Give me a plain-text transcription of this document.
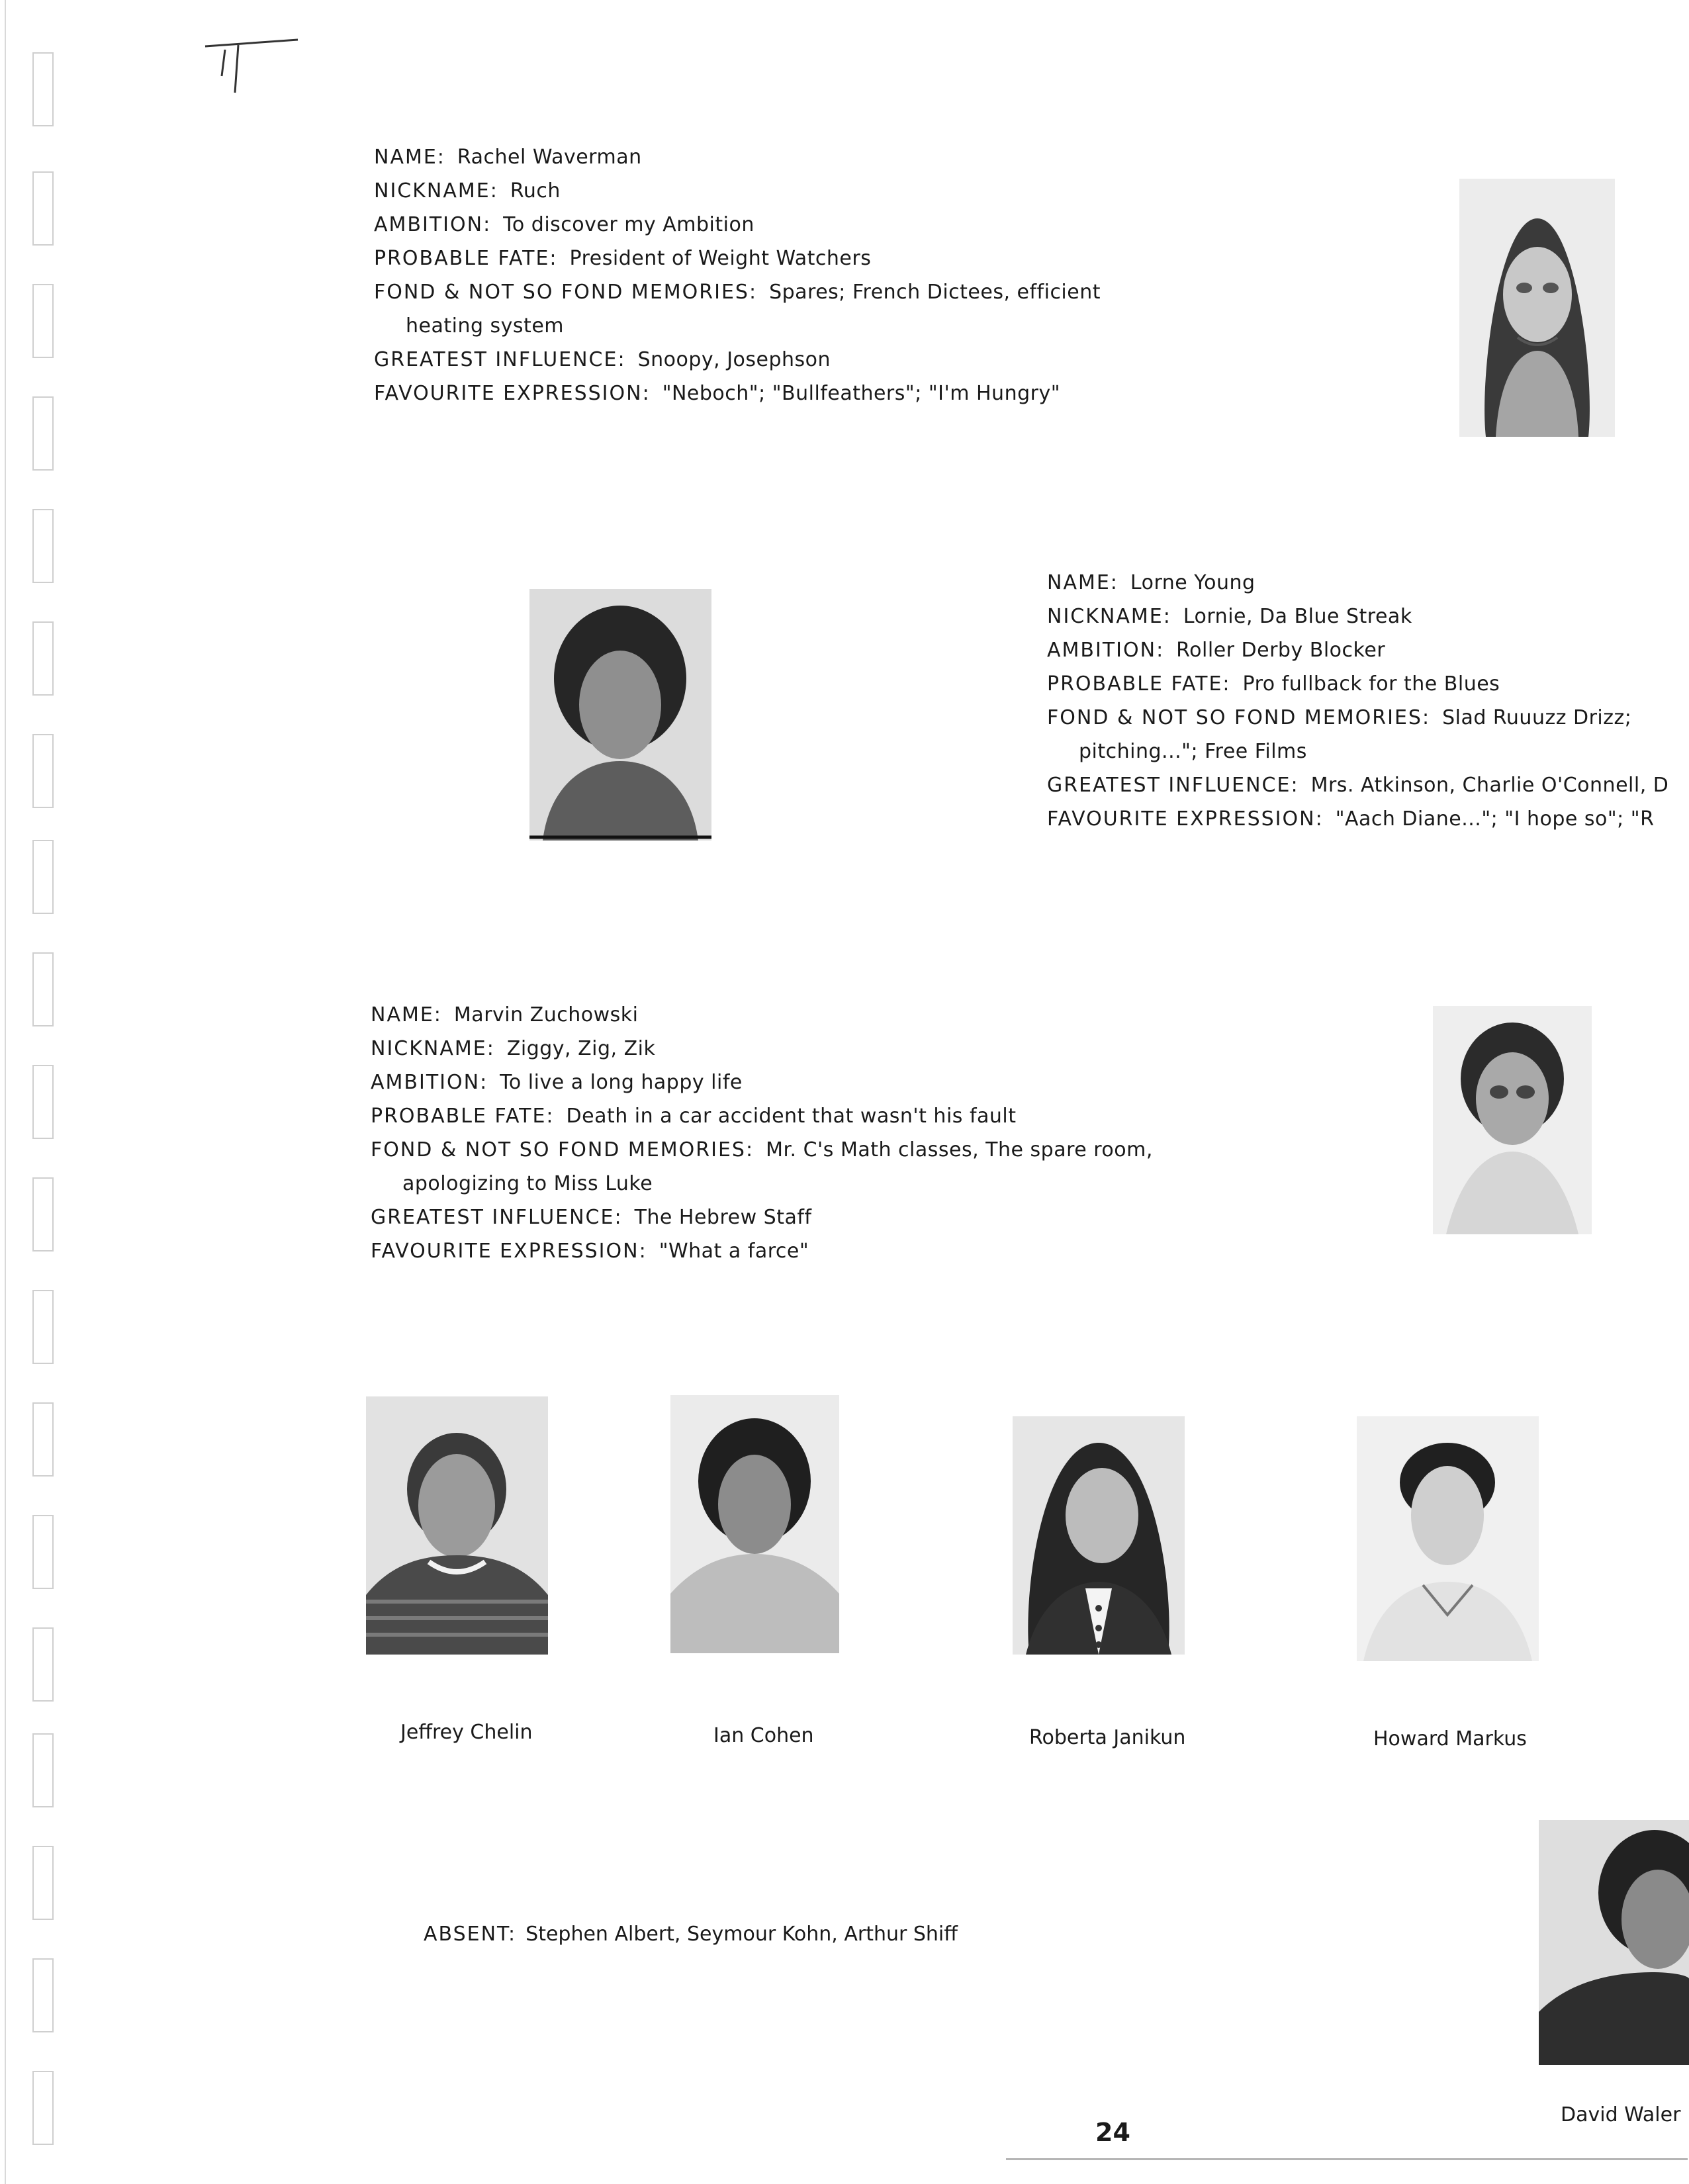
NAME: Rachel Waverman
NICKNAME: Ruch
AMBITION: To discover my Ambition
PROBABLE FATE: President of Weight Watchers
FOND & NOT SO FOND MEMORIES: Spares; French Dictees, efficient
heating system
GREATEST INFLUENCE: Snoopy, Josephson
FAVOURITE EXPRESSION: "Neboch"; "Bullfeathers"; "I'm Hungry"
NAME: Lorne Young
NICKNAME: Lornie, Da Blue Streak
AMBITION: Roller Derby Blocker
PROBABLE FATE: Pro fullback for the Blues
FOND & NOT SO FOND MEMORIES: Slad Ruuuzz Drizz;
pitching..."; Free Films
GREATEST INFLUENCE: Mrs. Atkinson, Charlie O'Connell, D
FAVOURITE EXPRESSION: "Aach Diane..."; "I hope so"; "R
NAME: Marvin Zuchowski
NICKNAME: Ziggy, Zig, Zik
AMBITION: To live a long happy life
PROBABLE FATE: Death in a car accident that wasn't his fault
FOND & NOT SO FOND MEMORIES: Mr. C's Math classes, The spare room,
apologizing to Miss Luke
GREATEST INFLUENCE: The Hebrew Staff
FAVOURITE EXPRESSION: "What a farce"
Jeffrey Chelin	Ian Cohen	Roberta Janikun	Howard Markus
ABSENT: Stephen Albert, Seymour Kohn, Arthur Shiff
David Waler
24
